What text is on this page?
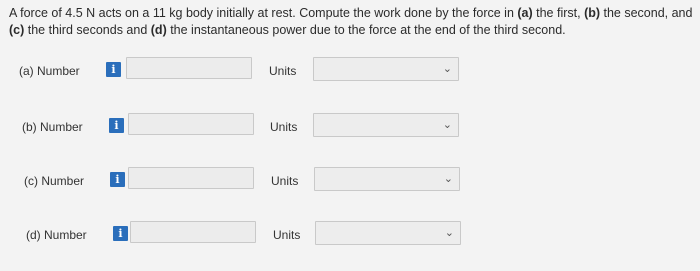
A force of 4.5 N acts on a 11 kg body initially at rest. Compute the work done by the force in (a) the first, (b) the second, and (c) the third seconds and (d) the instantaneous power due to the force at the end of the third second.

(a) Number	i	Units	⌄
(b) Number	i	Units	⌄
(c) Number	i	Units	⌄
(d) Number	i	Units	⌄
